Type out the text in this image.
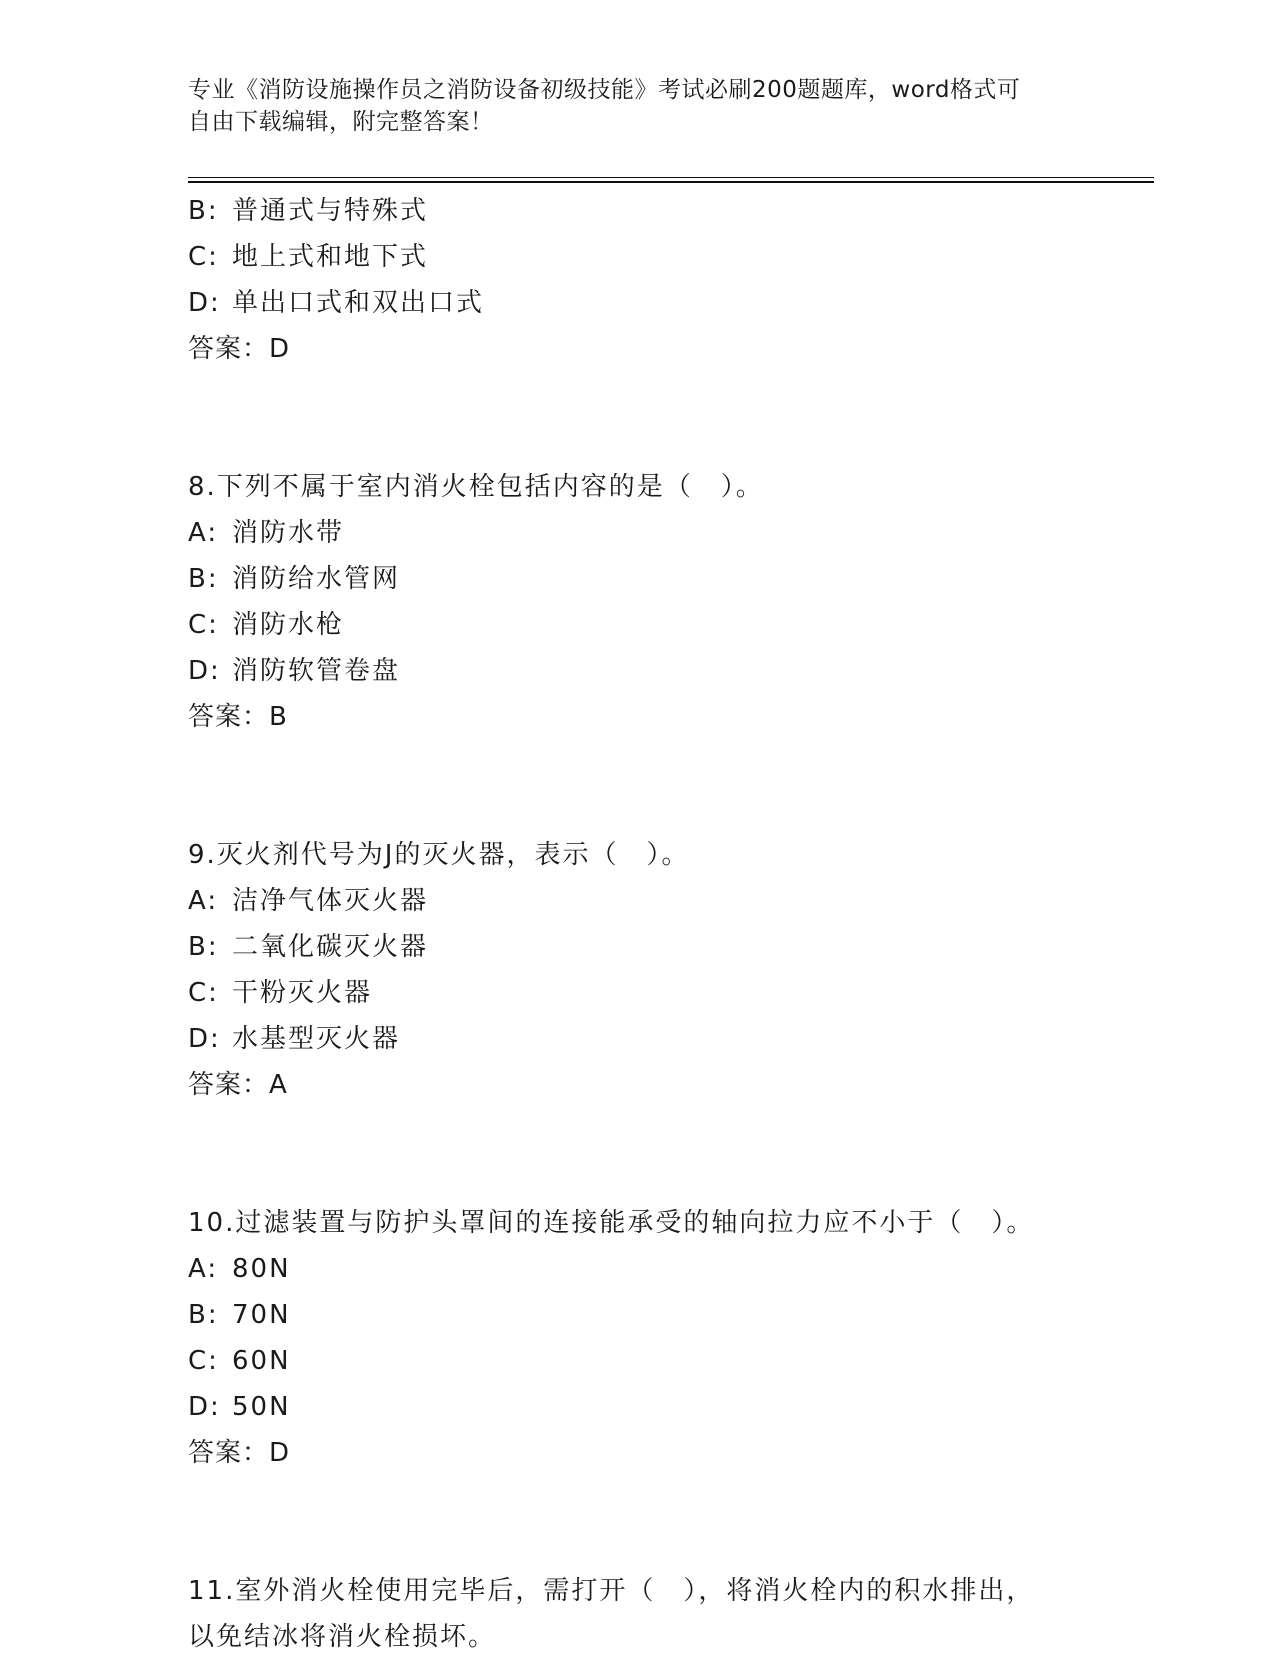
专业《消防设施操作员之消防设备初级技能》考试必刷200题题库，word格式可
自由下载编辑，附完整答案！
B: 普通式与特殊式
C: 地上式和地下式
D: 单出口式和双出口式
答案：D
8.下列不属于室内消火栓包括内容的是（　）。
A: 消防水带
B: 消防给水管网
C: 消防水枪
D: 消防软管卷盘
答案：B
9.灭火剂代号为J的灭火器，表示（　）。
A: 洁净气体灭火器
B: 二氧化碳灭火器
C: 干粉灭火器
D: 水基型灭火器
答案：A
10.过滤装置与防护头罩间的连接能承受的轴向拉力应不小于（　）。
A: 80N
B: 70N
C: 60N
D: 50N
答案：D
11.室外消火栓使用完毕后，需打开（　），将消火栓内的积水排出，
以免结冰将消火栓损坏。
